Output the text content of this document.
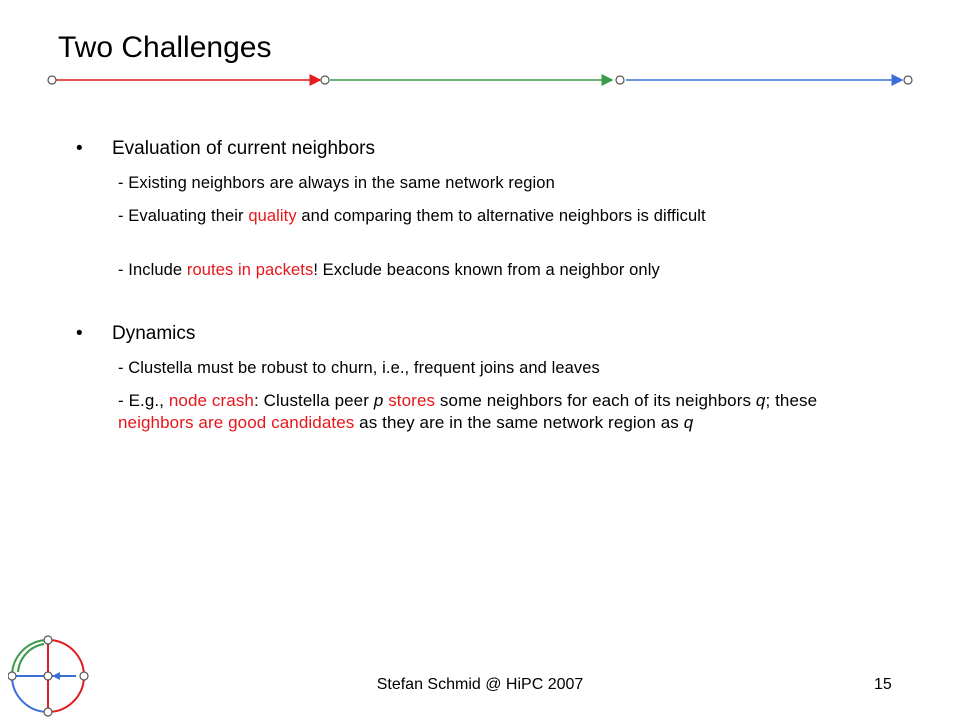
Two Challenges
• Evaluation of current neighbors
- Existing neighbors are always in the same network region
- Evaluating their quality and comparing them to alternative neighbors is difficult
- Include routes in packets! Exclude beacons known from a neighbor only
• Dynamics
- Clustella must be robust to churn, i.e., frequent joins and leaves
- E.g., node crash: Clustella peer p stores some neighbors for each of its neighbors q; these neighbors are good candidates as they are in the same network region as q
Stefan Schmid @ HiPC 2007	15
